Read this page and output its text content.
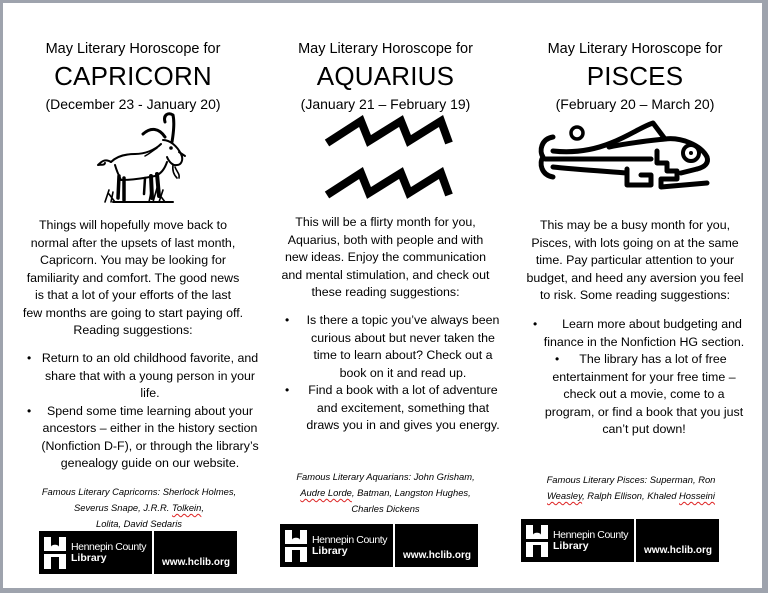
May Literary Horoscope for
CAPRICORN
(December 23 - January 20)
Things will hopefully move back to
normal after the upsets of last month,
Capricorn. You may be looking for
familiarity and comfort. The good news
is that a lot of your efforts of the last
few months are going to start paying off.
Reading suggestions:
• Return to an old childhood favorite, and
share that with a young person in your
life.
•	Spend some time learning about your
ancestors – either in the history section
(Nonfiction D-F), or through the library’s
genealogy guide on our website.
Famous Literary Capricorns: Sherlock Holmes,
Severus Snape, J.R.R. Tolkein,
Lolita, David Sedaris
Hennepin County
Library	www.hclib.org
May Literary Horoscope for
AQUARIUS
(January 21 – February 19)
This will be a flirty month for you,
Aquarius, both with people and with
new ideas. Enjoy the communication
and mental stimulation, and check out
these reading suggestions:
•	Is there a topic you’ve always been
curious about but never taken the
time to learn about? Check out a
book on it and read up.
•	Find a book with a lot of adventure
and excitement, something that
draws you in and gives you energy.
Famous Literary Aquarians: John Grisham,
Audre Lorde, Batman, Langston Hughes,
Charles Dickens
Hennepin County
Library	www.hclib.org
May Literary Horoscope for
PISCES
(February 20 – March 20)
This may be a busy month for you,
Pisces, with lots going on at the same
time. Pay particular attention to your
budget, and heed any aversion you feel
to risk. Some reading suggestions:
•	Learn more about budgeting and
finance in the Nonfiction HG section.
•	The library has a lot of free
entertainment for your free time –
check out a movie, come to a
program, or find a book that you just
can’t put down!
Famous Literary Pisces: Superman, Ron
Weasley, Ralph Ellison, Khaled Hosseini
Hennepin County
Library	www.hclib.org
